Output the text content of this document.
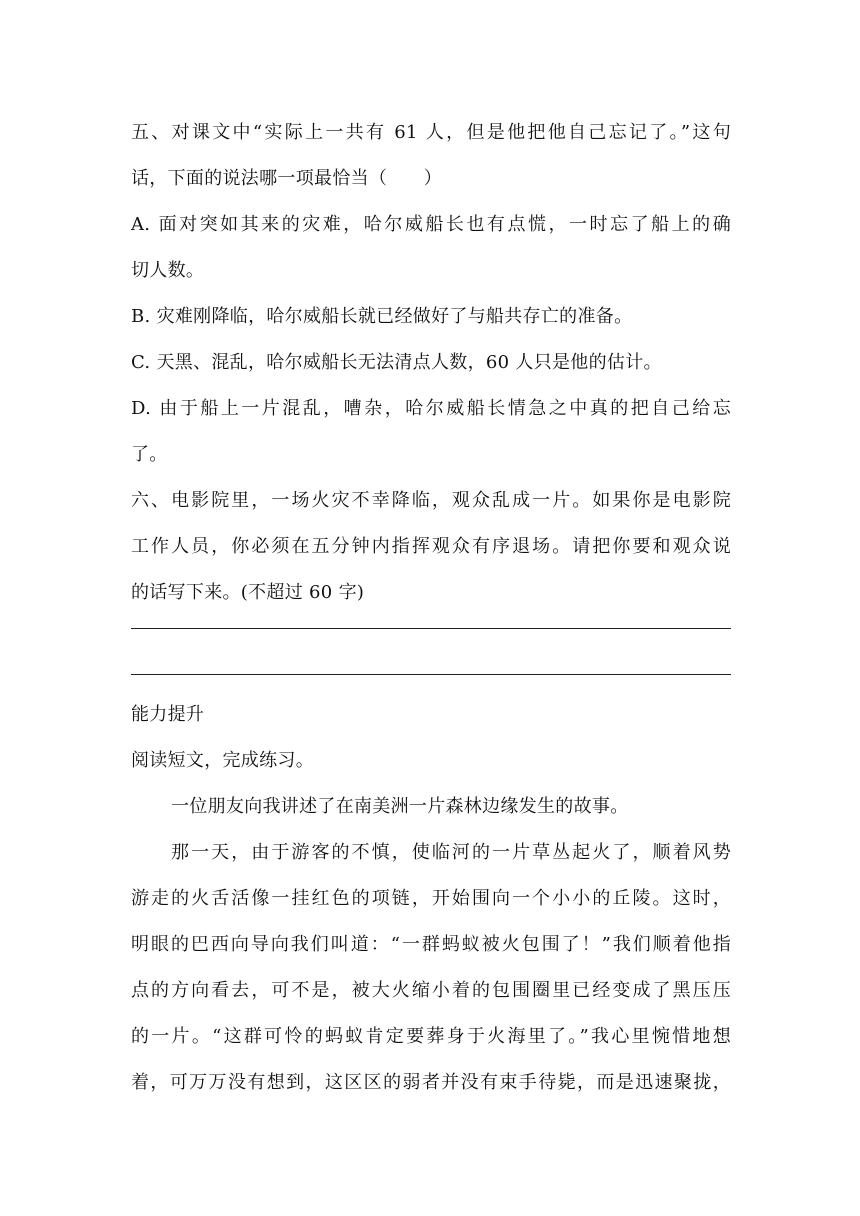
五、对课文中“实际上一共有 61 人，但是他把他自己忘记了。”这句
话，下面的说法哪一项最恰当（　　）
A. 面对突如其来的灾难，哈尔威船长也有点慌，一时忘了船上的确
切人数。
B. 灾难刚降临，哈尔威船长就已经做好了与船共存亡的准备。
C. 天黑、混乱，哈尔威船长无法清点人数，60 人只是他的估计。
D. 由于船上一片混乱，嘈杂，哈尔威船长情急之中真的把自己给忘
了。
六、电影院里，一场火灾不幸降临，观众乱成一片。如果你是电影院
工作人员，你必须在五分钟内指挥观众有序退场。请把你要和观众说
的话写下来。(不超过 60 字)
能力提升
阅读短文，完成练习。
一位朋友向我讲述了在南美洲一片森林边缘发生的故事。
那一天，由于游客的不慎，使临河的一片草丛起火了，顺着风势
游走的火舌活像一挂红色的项链，开始围向一个小小的丘陵。这时，
明眼的巴西向导向我们叫道：“一群蚂蚁被火包围了！”我们顺着他指
点的方向看去，可不是，被大火缩小着的包围圈里已经变成了黑压压
的一片。“这群可怜的蚂蚁肯定要葬身于火海里了。”我心里惋惜地想
着，可万万没有想到，这区区的弱者并没有束手待毙，而是迅速聚拢，
